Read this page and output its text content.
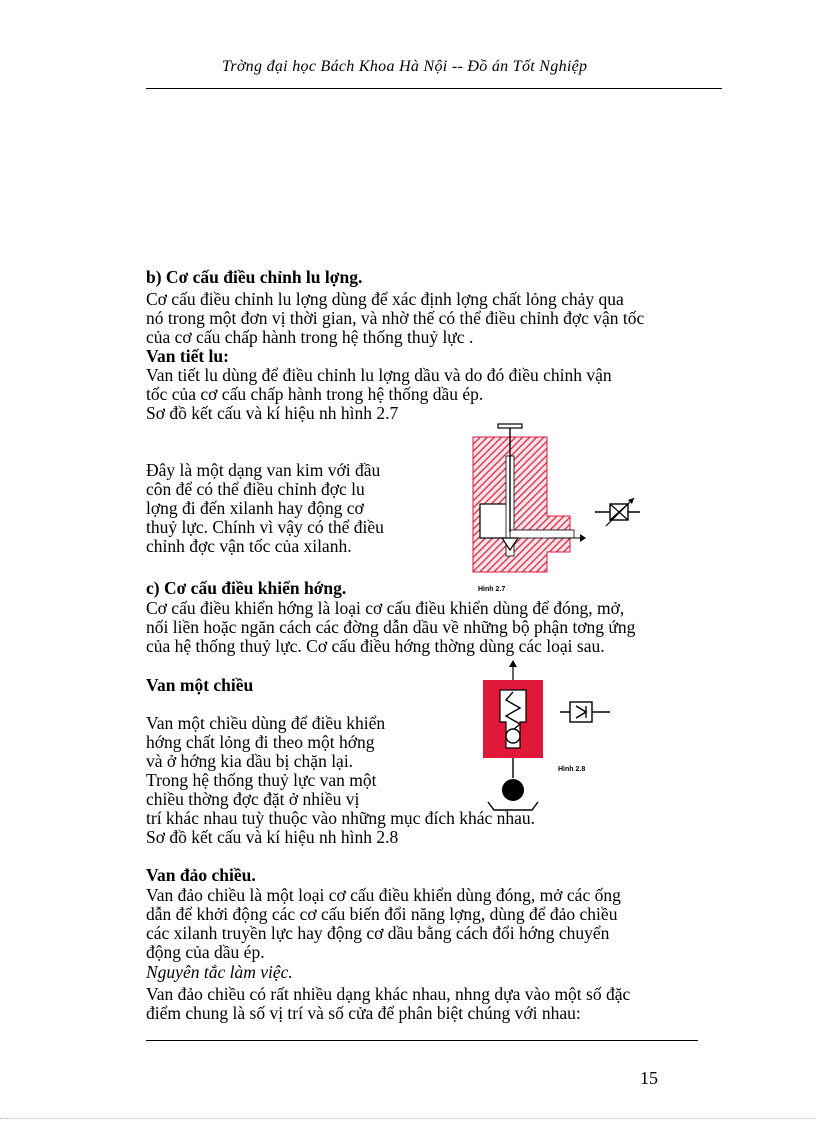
Trờng đại học Bách Khoa Hà Nội -- Đồ án Tốt Nghiệp
b) Cơ cấu điều chỉnh lu lợng.
Cơ cấu điều chỉnh lu lợng dùng để xác định lợng chất lỏng chảy qua
nó trong một đơn vị thời gian, và nhờ thế có thể điều chỉnh đợc vận tốc
của cơ cấu chấp hành trong hệ thống thuỷ lực .
Van tiết lu:
Van tiết lu dùng để điều chỉnh lu lợng dầu và do đó điều chỉnh vận
tốc của cơ cấu chấp hành trong hệ thống dầu ép.
Sơ đồ kết cấu và kí hiệu nh hình 2.7
Đây là một dạng van kim với đầu
côn để có thể điều chỉnh đợc lu
lợng đi đến xilanh hay động cơ
thuỷ lực. Chính vì vậy có thể điều
chỉnh đợc vận tốc của xilanh.
Hình 2.7
c) Cơ cấu điều khiển hớng.
Cơ cấu điều khiển hớng là loại cơ cấu điều khiển dùng để đóng, mở,
nối liền hoặc ngăn cách các đờng dẫn dầu về những bộ phận tơng ứng
của hệ thống thuỷ lực. Cơ cấu điều hớng thờng dùng các loại sau.
Van một chiều
Van một chiều dùng để điều khiển
hớng chất lỏng đi theo một hớng
và ở hớng kia dầu bị chặn lại.
Trong hệ thống thuỷ lực van một
chiều thờng đợc đặt ở nhiều vị
trí khác nhau tuỳ thuộc vào những mục đích khác nhau.
Sơ đồ kết cấu và kí hiệu nh hình 2.8
Hình 2.8
Van đảo chiều.
Van đảo chiều là một loại cơ cấu điều khiển dùng đóng, mở các ống
dẫn để khởi động các cơ cấu biến đổi năng lợng, dùng để đảo chiều
các xilanh truyền lực hay động cơ dầu bằng cách đổi hớng chuyển
động của dầu ép.
Nguyên tắc làm việc.
Van đảo chiều có rất nhiều dạng khác nhau, nhng dựa vào một số đặc
điểm chung là số vị trí và số cửa để phân biệt chúng với nhau:
15
